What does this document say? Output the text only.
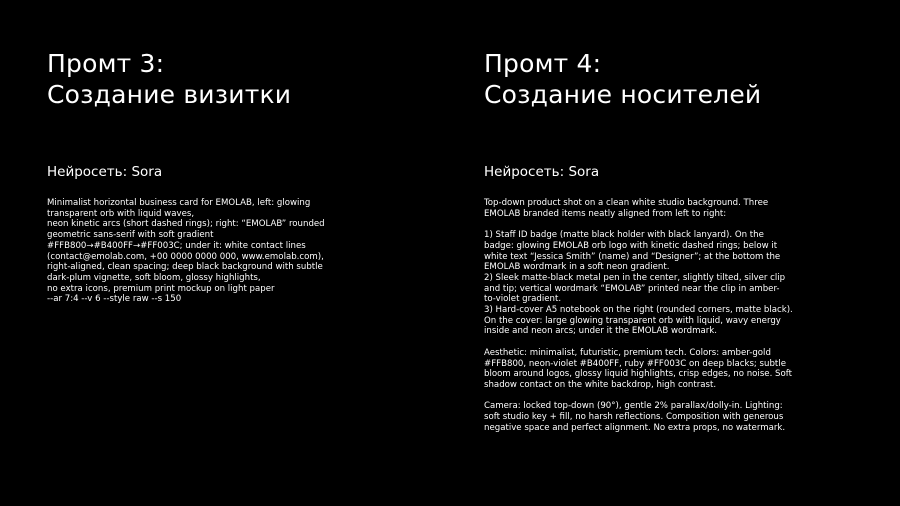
Промт 3:
Создание визитки

Нейросеть: Sora

Minimalist horizontal business card for EMOLAB, left: glowing
transparent orb with liquid waves,
neon kinetic arcs (short dashed rings); right: “EMOLAB” rounded
geometric sans-serif with soft gradient
#FFB800→#B400FF→#FF003C; under it: white contact lines
(contact@emolab.com, +00 0000 0000 000, www.emolab.com),
right-aligned, clean spacing; deep black background with subtle
dark-plum vignette, soft bloom, glossy highlights,
no extra icons, premium print mockup on light paper
--ar 7:4 --v 6 --style raw --s 150

Промт 4:
Создание носителей

Нейросеть: Sora

Top-down product shot on a clean white studio background. Three
EMOLAB branded items neatly aligned from left to right:

1) Staff ID badge (matte black holder with black lanyard). On the
badge: glowing EMOLAB orb logo with kinetic dashed rings; below it
white text “Jessica Smith” (name) and “Designer”; at the bottom the
EMOLAB wordmark in a soft neon gradient.
2) Sleek matte-black metal pen in the center, slightly tilted, silver clip
and tip; vertical wordmark “EMOLAB” printed near the clip in amber-
to-violet gradient.
3) Hard-cover A5 notebook on the right (rounded corners, matte black).
On the cover: large glowing transparent orb with liquid, wavy energy
inside and neon arcs; under it the EMOLAB wordmark.

Aesthetic: minimalist, futuristic, premium tech. Colors: amber-gold
#FFB800, neon-violet #B400FF, ruby #FF003C on deep blacks; subtle
bloom around logos, glossy liquid highlights, crisp edges, no noise. Soft
shadow contact on the white backdrop, high contrast.

Camera: locked top-down (90°), gentle 2% parallax/dolly-in. Lighting:
soft studio key + fill, no harsh reflections. Composition with generous
negative space and perfect alignment. No extra props, no watermark.
